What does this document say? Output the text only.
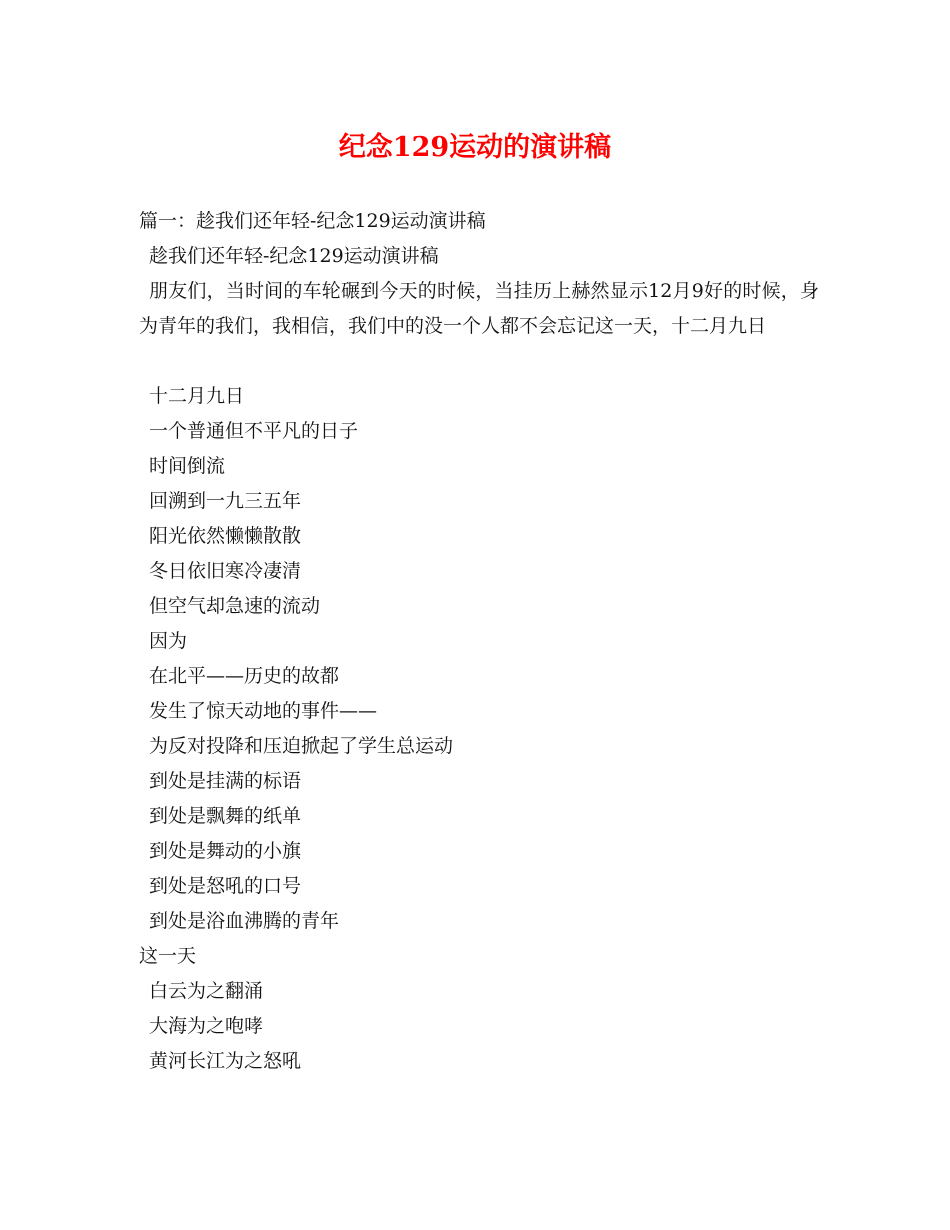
纪念129运动的演讲稿
篇一：趁我们还年轻-纪念129运动演讲稿
趁我们还年轻-纪念129运动演讲稿
朋友们，当时间的车轮碾到今天的时候，当挂历上赫然显示12月9好的时候，身为青年的我们，我相信，我们中的没一个人都不会忘记这一天，十二月九日
十二月九日
一个普通但不平凡的日子
时间倒流
回溯到一九三五年
阳光依然懒懒散散
冬日依旧寒冷凄清
但空气却急速的流动
因为
在北平——历史的故都
发生了惊天动地的事件——
为反对投降和压迫掀起了学生总运动
到处是挂满的标语
到处是飘舞的纸单
到处是舞动的小旗
到处是怒吼的口号
到处是浴血沸腾的青年
这一天
白云为之翻涌
大海为之咆哮
黄河长江为之怒吼
